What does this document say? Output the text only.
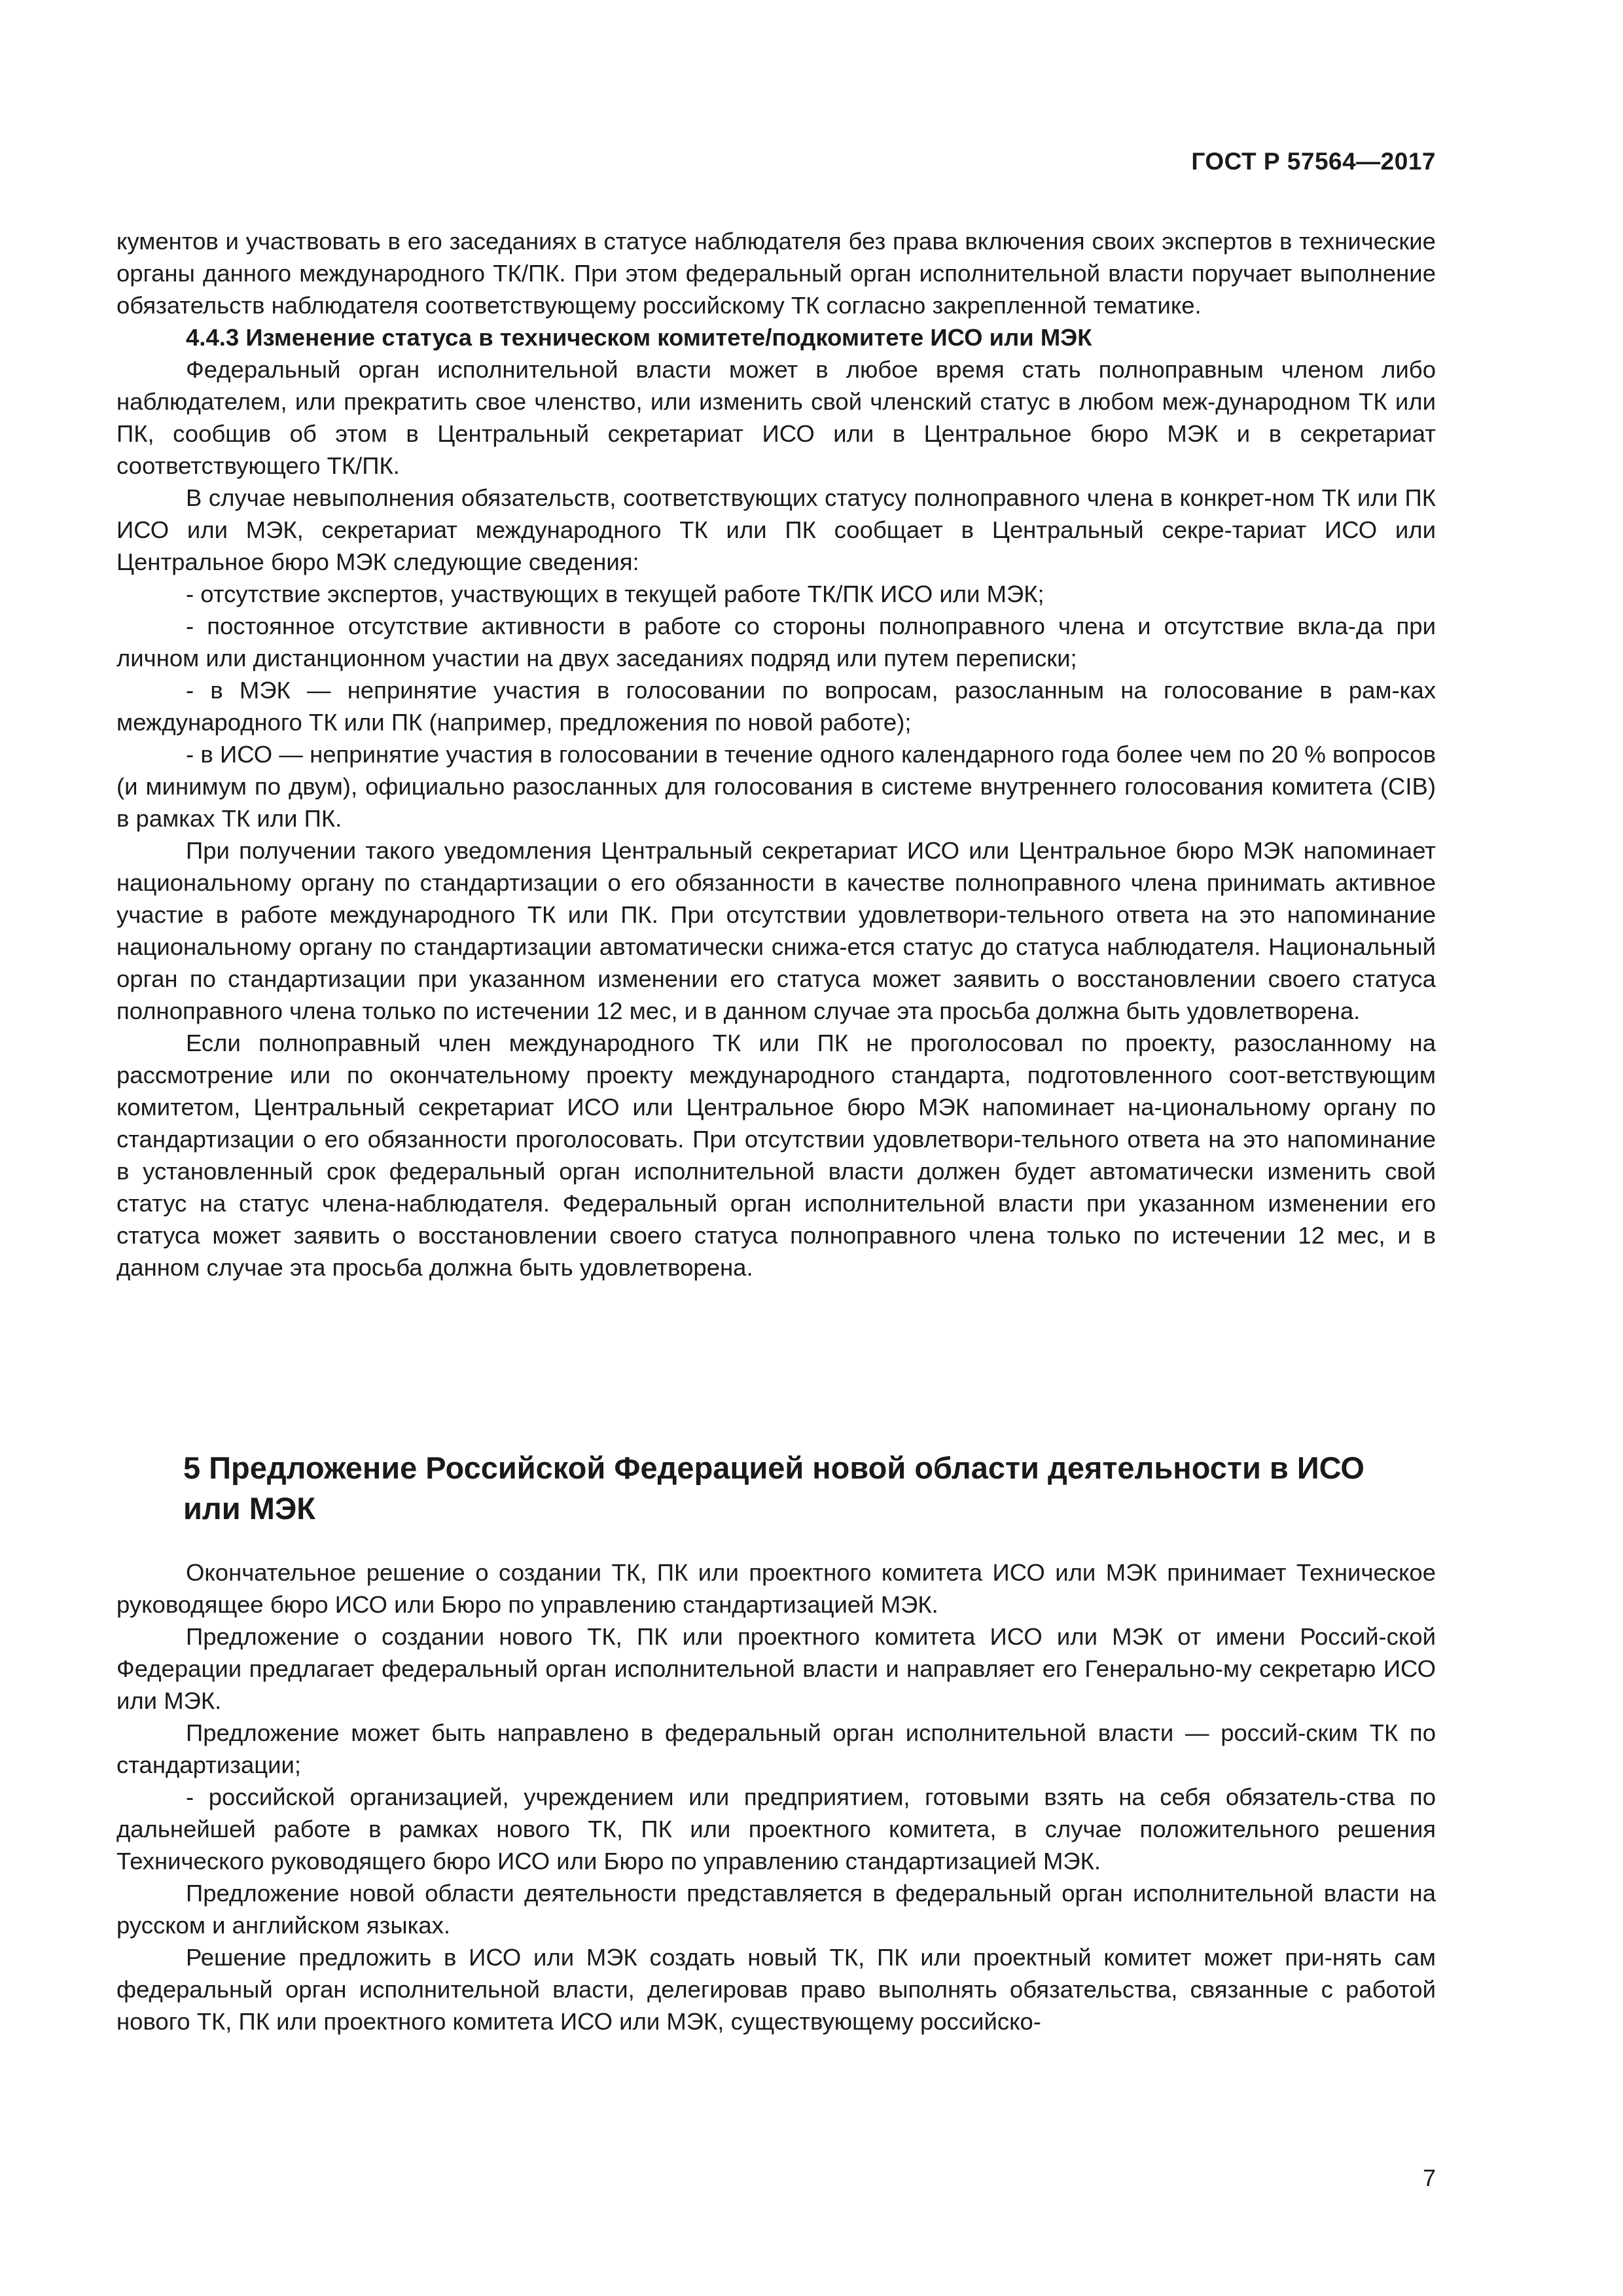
ГОСТ Р 57564—2017

кументов и участвовать в его заседаниях в статусе наблюдателя без права включения своих экспертов в технические органы данного международного ТК/ПК. При этом федеральный орган исполнительной власти поручает выполнение обязательств наблюдателя соответствующему российскому ТК согласно закрепленной тематике.

4.4.3 Изменение статуса в техническом комитете/подкомитете ИСО или МЭК

Федеральный орган исполнительной власти может в любое время стать полноправным членом либо наблюдателем, или прекратить свое членство, или изменить свой членский статус в любом меж-дународном ТК или ПК, сообщив об этом в Центральный секретариат ИСО или в Центральное бюро МЭК и в секретариат соответствующего ТК/ПК.

В случае невыполнения обязательств, соответствующих статусу полноправного члена в конкрет-ном ТК или ПК ИСО или МЭК, секретариат международного ТК или ПК сообщает в Центральный секре-тариат ИСО или Центральное бюро МЭК следующие сведения:

- отсутствие экспертов, участвующих в текущей работе ТК/ПК ИСО или МЭК;

- постоянное отсутствие активности в работе со стороны полноправного члена и отсутствие вкла-да при личном или дистанционном участии на двух заседаниях подряд или путем переписки;

- в МЭК — непринятие участия в голосовании по вопросам, разосланным на голосование в рам-ках международного ТК или ПК (например, предложения по новой работе);

- в ИСО — непринятие участия в голосовании в течение одного календарного года более чем по 20 % вопросов (и минимум по двум), официально разосланных для голосования в системе внутреннего голосования комитета (CIB) в рамках ТК или ПК.

При получении такого уведомления Центральный секретариат ИСО или Центральное бюро МЭК напоминает национальному органу по стандартизации о его обязанности в качестве полноправного члена принимать активное участие в работе международного ТК или ПК. При отсутствии удовлетвори-тельного ответа на это напоминание национальному органу по стандартизации автоматически снижа-ется статус до статуса наблюдателя. Национальный орган по стандартизации при указанном изменении его статуса может заявить о восстановлении своего статуса полноправного члена только по истечении 12 мес, и в данном случае эта просьба должна быть удовлетворена.

Если полноправный член международного ТК или ПК не проголосовал по проекту, разосланному на рассмотрение или по окончательному проекту международного стандарта, подготовленного соот-ветствующим комитетом, Центральный секретариат ИСО или Центральное бюро МЭК напоминает на-циональному органу по стандартизации о его обязанности проголосовать. При отсутствии удовлетвори-тельного ответа на это напоминание в установленный срок федеральный орган исполнительной власти должен будет автоматически изменить свой статус на статус члена-наблюдателя. Федеральный орган исполнительной власти при указанном изменении его статуса может заявить о восстановлении своего статуса полноправного члена только по истечении 12 мес, и в данном случае эта просьба должна быть удовлетворена.

5 Предложение Российской Федерацией новой области деятельности в ИСО или МЭК

Окончательное решение о создании ТК, ПК или проектного комитета ИСО или МЭК принимает Техническое руководящее бюро ИСО или Бюро по управлению стандартизацией МЭК.

Предложение о создании нового ТК, ПК или проектного комитета ИСО или МЭК от имени Россий-ской Федерации предлагает федеральный орган исполнительной власти и направляет его Генерально-му секретарю ИСО или МЭК.

Предложение может быть направлено в федеральный орган исполнительной власти — россий-ским ТК по стандартизации;

- российской организацией, учреждением или предприятием, готовыми взять на себя обязатель-ства по дальнейшей работе в рамках нового ТК, ПК или проектного комитета, в случае положительного решения Технического руководящего бюро ИСО или Бюро по управлению стандартизацией МЭК.

Предложение новой области деятельности представляется в федеральный орган исполнительной власти на русском и английском языках.

Решение предложить в ИСО или МЭК создать новый ТК, ПК или проектный комитет может при-нять сам федеральный орган исполнительной власти, делегировав право выполнять обязательства, связанные с работой нового ТК, ПК или проектного комитета ИСО или МЭК, существующему российско-

7
